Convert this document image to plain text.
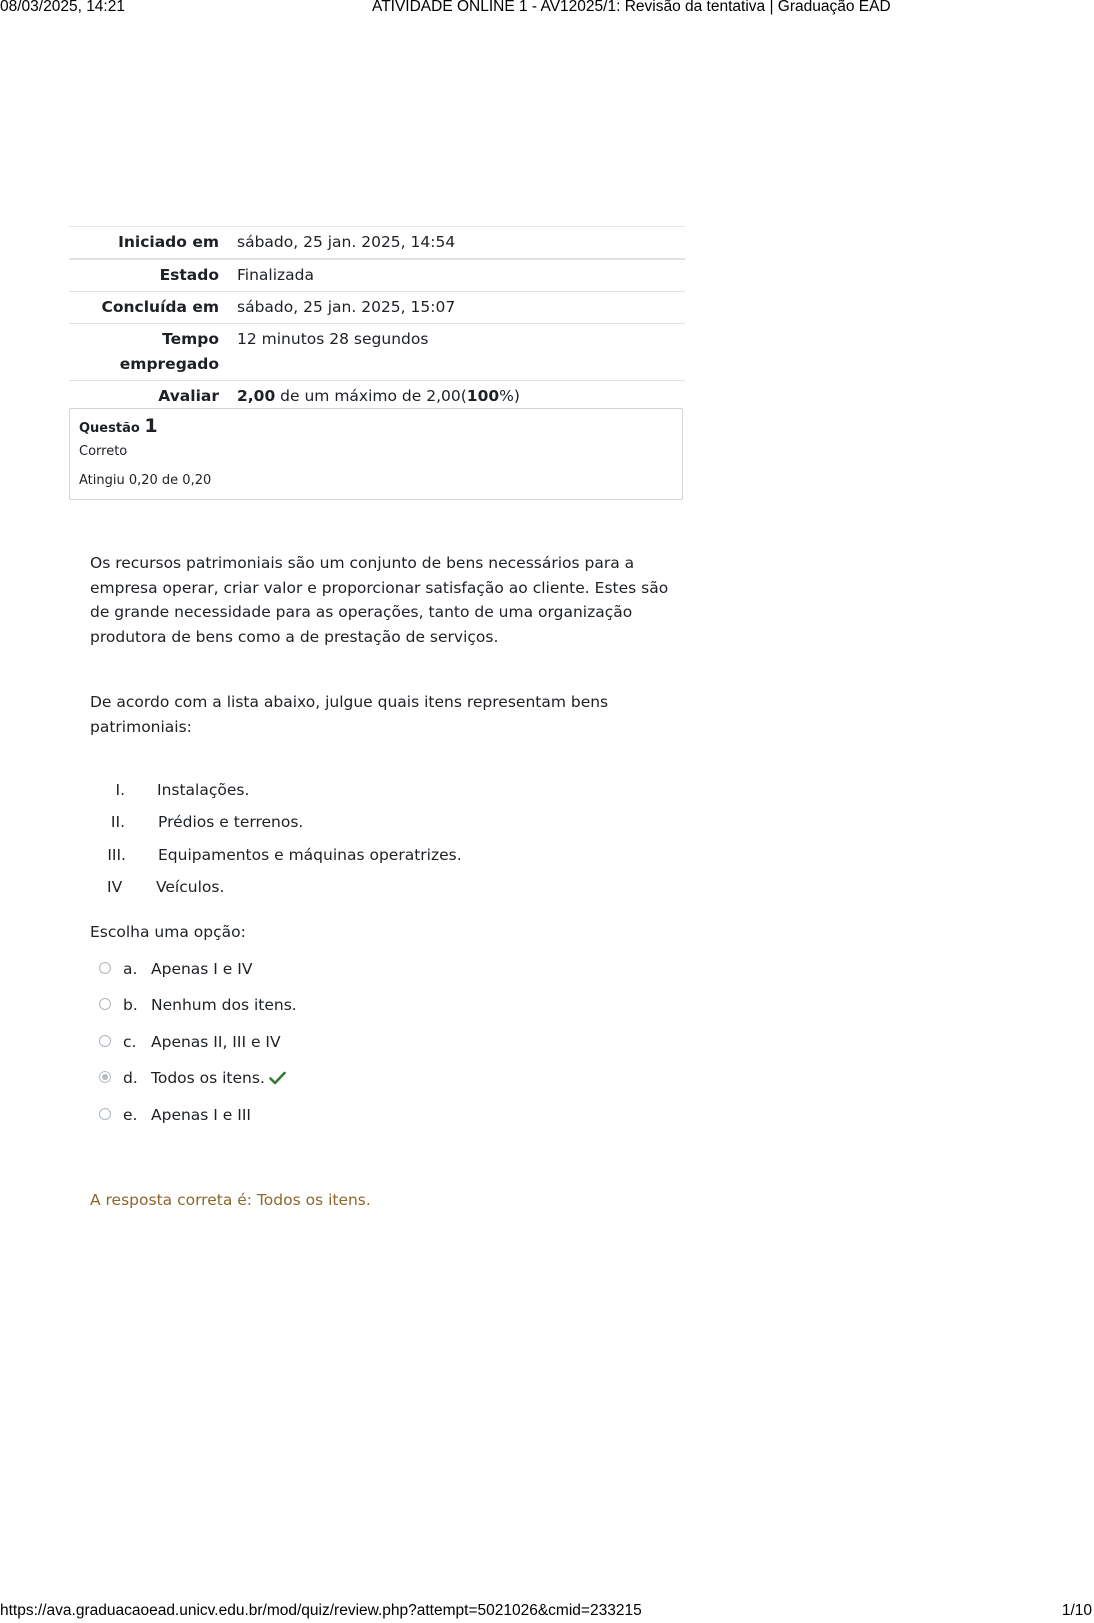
08/03/2025, 14:21	ATIVIDADE ONLINE 1 - AV12025/1: Revisão da tentativa | Graduação EAD
Iniciado em	sábado, 25 jan. 2025, 14:54
Estado	Finalizada
Concluída em	sábado, 25 jan. 2025, 15:07
Tempo
empregado	12 minutos 28 segundos
Avaliar	2,00 de um máximo de 2,00(100%)
Questão 1
Correto
Atingiu 0,20 de 0,20

Os recursos patrimoniais são um conjunto de bens necessários para a empresa operar, criar valor e proporcionar satisfação ao cliente. Estes são de grande necessidade para as operações, tanto de uma organização produtora de bens como a de prestação de serviços.

De acordo com a lista abaixo, julgue quais itens representam bens patrimoniais:
I. Instalações.
II. Prédios e terrenos.
III. Equipamentos e máquinas operatrizes.
IV Veículos.
Escolha uma opção:
a. Apenas I e IV
b. Nenhum dos itens.
c. Apenas II, III e IV
d. Todos os itens.
e. Apenas I e III
A resposta correta é: Todos os itens.
https://ava.graduacaoead.unicv.edu.br/mod/quiz/review.php?attempt=5021026&cmid=233215	1/10
